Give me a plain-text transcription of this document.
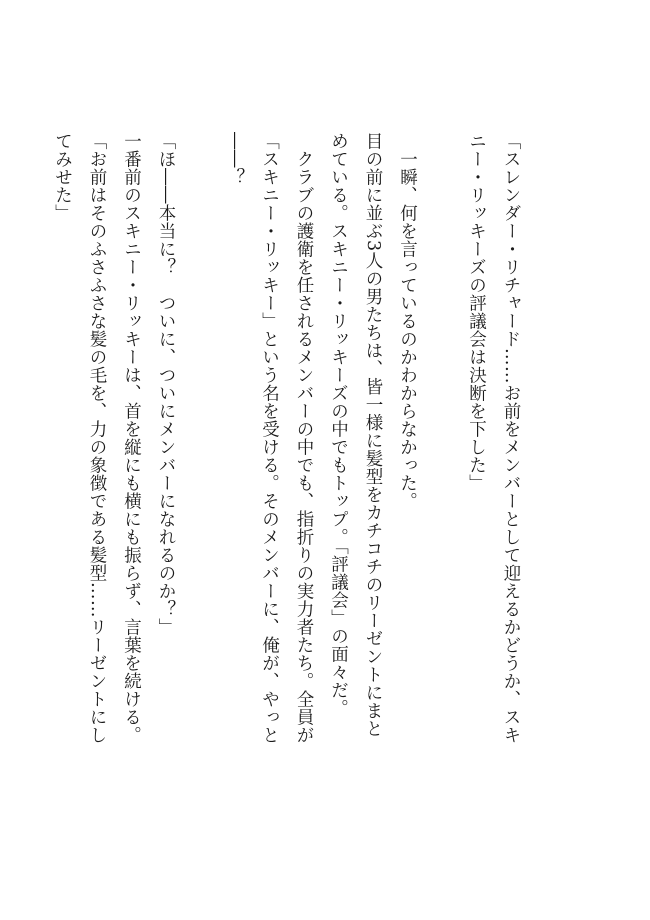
「スレンダー・リチャード……お前をメンバーとして迎えるかどうか、スキニー・リッキーズの評議会は決断を下した」

一瞬、何を言っているのかわからなかった。

目の前に並ぶ3人の男たちは、皆一様に髪型をカチコチのリーゼントにまとめている。スキニー・リッキーズの中でもトップ。「評議会」の面々だ。

クラブの護衛を任されるメンバーの中でも、指折りの実力者たち。全員が「スキニー・リッキー」という名を受ける。そのメンバーに、俺が、やっと――？

「ほ――本当に？　ついに、ついにメンバーになれるのか？」

一番前のスキニー・リッキーは、首を縦にも横にも振らず、言葉を続ける。

「お前はそのふさふさな髪の毛を、力の象徴である髪型……リーゼントにしてみせた」
